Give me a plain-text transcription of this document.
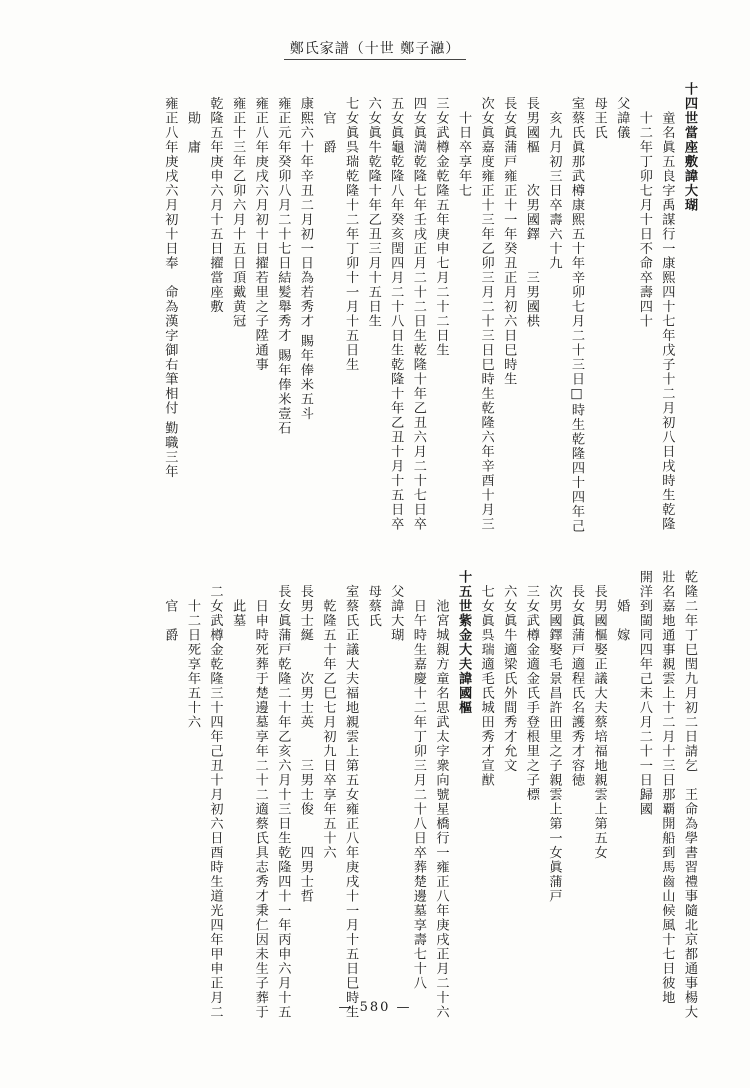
鄭氏家譜（十世 鄭子瀜）
十四世當座敷諱大瑚
　　童名眞五良字禹謀行一康熙四十七年戊子十二月初八日戌時生乾隆
　　十二年丁卯七月十日不命卒壽四十
　父諱儀
　母王氏
　室蔡氏眞那武樽康熙五十年辛卯七月二十三日□時生乾隆四十四年己
　　亥九月初三日卒壽六十九
　長男國樞　　次男國鐸　　三男國栱
　長女眞蒲戸雍正十一年癸丑正月初六日巳時生
　次女眞嘉度雍正十三年乙卯三月二十三日巳時生乾隆六年辛酉十月三
　　十日卒享年七
　三女武樽金乾隆五年庚申七月二十二日生
　四女眞満乾隆七年壬戌正月二十二日生乾隆十年乙丑六月二十七日卒
　五女眞龜乾隆八年癸亥閏四月二十八日生乾隆十年乙丑十月十五日卒
　六女眞牛乾隆十年乙丑三月十五日生
　七女眞呉瑞乾隆十二年丁卯十一月十五日生
　　官　爵
　康熙六十年辛丑二月初一日為若秀才 賜年俸米五斗
　雍正元年癸卯八月二十七日結髪舉秀才 賜年俸米壹石
　雍正八年庚戌六月初十日擢若里之子陞通事
　雍正十三年乙卯六月十五日頂戴黄冠
　乾隆五年庚申六月十五日擢當座敷
　　勛　庸
　雍正八年庚戌六月初十日奉　命為漢字御右筆相付 勤職三年
乾隆二年丁巳閏九月初二日請乞　王命為學書習禮事隨北京都通事楊大
壯名嘉地通事親雲上十二月十三日那覇開船到馬齒山候風十七日彼地
開洋到閩同四年己未八月二十一日歸國
　　婚　嫁
　長男國樞娶正議大夫蔡培福地親雲上第五女
　長女眞蒲戸適程氏名護秀才容徳
　次男國鐸娶毛景昌許田里之子親雲上第一女眞蒲戸
　三女武樽金適金氏手登根里之子標
　六女眞牛適梁氏外間秀才允文
　七女眞呉瑞適毛氏城田秀才宣猷
十五世紫金大夫諱國樞
　　池宮城親方童名思武太字衆向號星橋行一雍正八年庚戌正月二十六
　　日午時生嘉慶十二年丁卯三月二十八日卒葬楚邊墓享壽七十八
　父諱大瑚
　母蔡氏
　室蔡氏正議大夫福地親雲上第五女雍正八年庚戌十一月十五日巳時生
　　乾隆五十年乙巳七月初九日卒享年五十六
　長男士綖　　次男士英　　三男士俊　　四男士哲
　長女眞蒲戸乾隆二十年乙亥六月十三日生乾隆四十一年丙申六月十五
　　日申時死葬于楚邊墓享年二十二適蔡氏具志秀才秉仁因未生子葬于
　　此墓
　二女武樽金乾隆三十四年己丑十月初六日酉時生道光四年甲申正月二
　　十二日死享年五十六
　　官　爵
— 580 —
